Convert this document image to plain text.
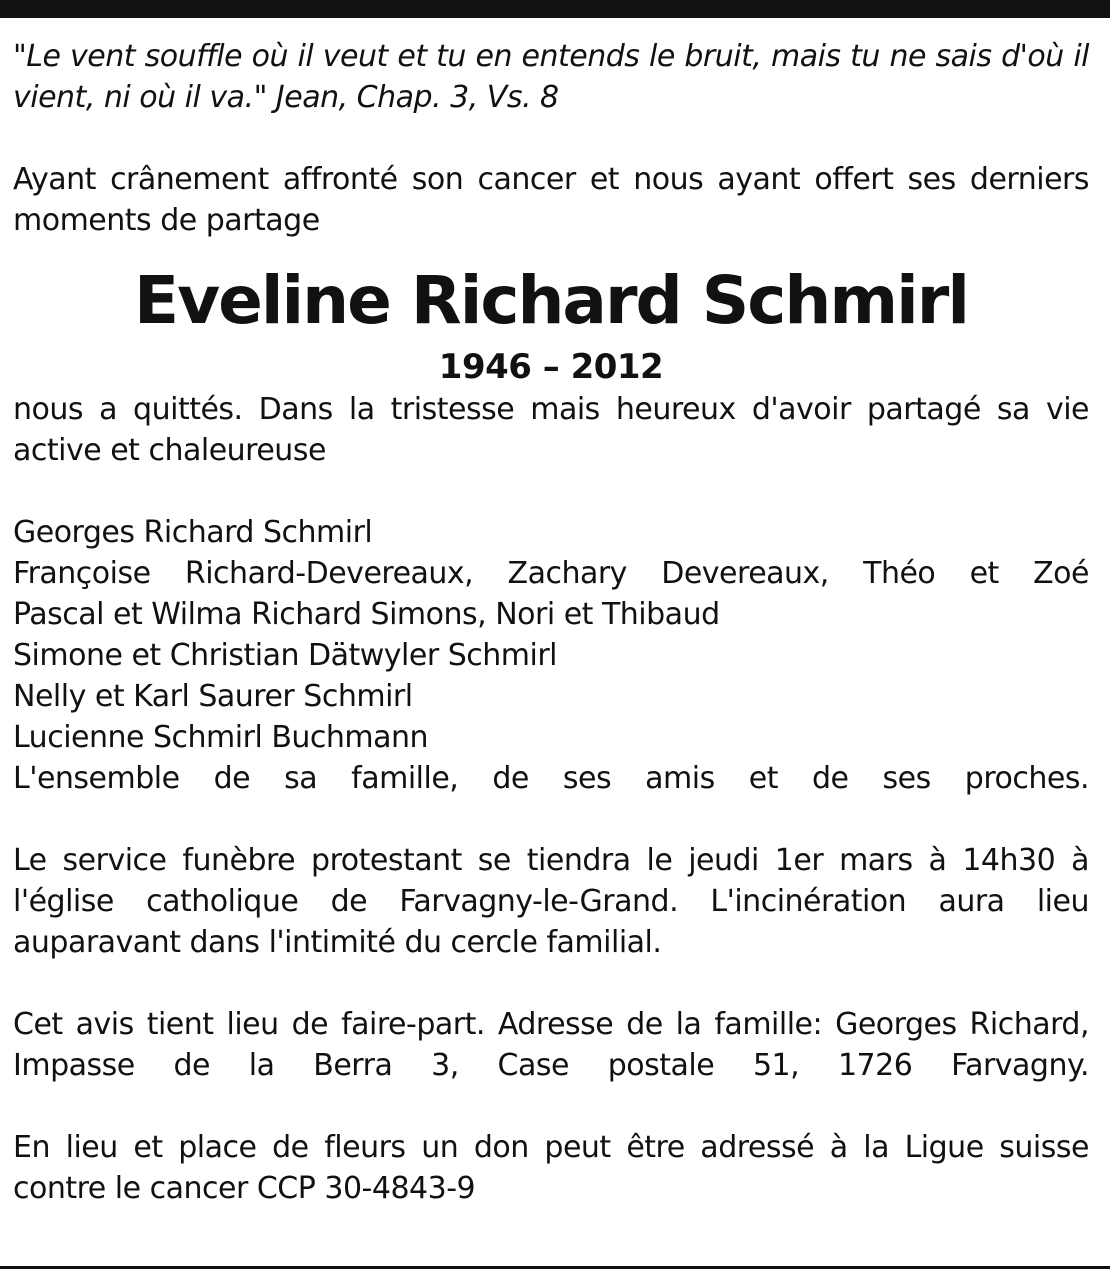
"Le vent souffle où il veut et tu en entends le bruit, mais tu ne sais d'où il vient, ni où il va." Jean, Chap. 3, Vs. 8
Ayant crânement affronté son cancer et nous ayant offert ses derniers moments de partage
Eveline Richard Schmirl
1946 – 2012
nous a quittés. Dans la tristesse mais heureux d'avoir partagé sa vie active et chaleureuse
Georges Richard Schmirl
Françoise Richard-Devereaux, Zachary Devereaux, Théo et Zoé
Pascal et Wilma Richard Simons, Nori et Thibaud
Simone et Christian Dätwyler Schmirl
Nelly et Karl Saurer Schmirl
Lucienne Schmirl Buchmann
L'ensemble de sa famille, de ses amis et de ses proches.
Le service funèbre protestant se tiendra le jeudi 1er mars à 14h30 à l'église catholique de Farvagny-le-Grand. L'incinération aura lieu auparavant dans l'intimité du cercle familial.
Cet avis tient lieu de faire-part. Adresse de la famille: Georges Richard, Impasse de la Berra 3, Case postale 51, 1726 Farvagny.
En lieu et place de fleurs un don peut être adressé à la Ligue suisse contre le cancer CCP 30-4843-9
